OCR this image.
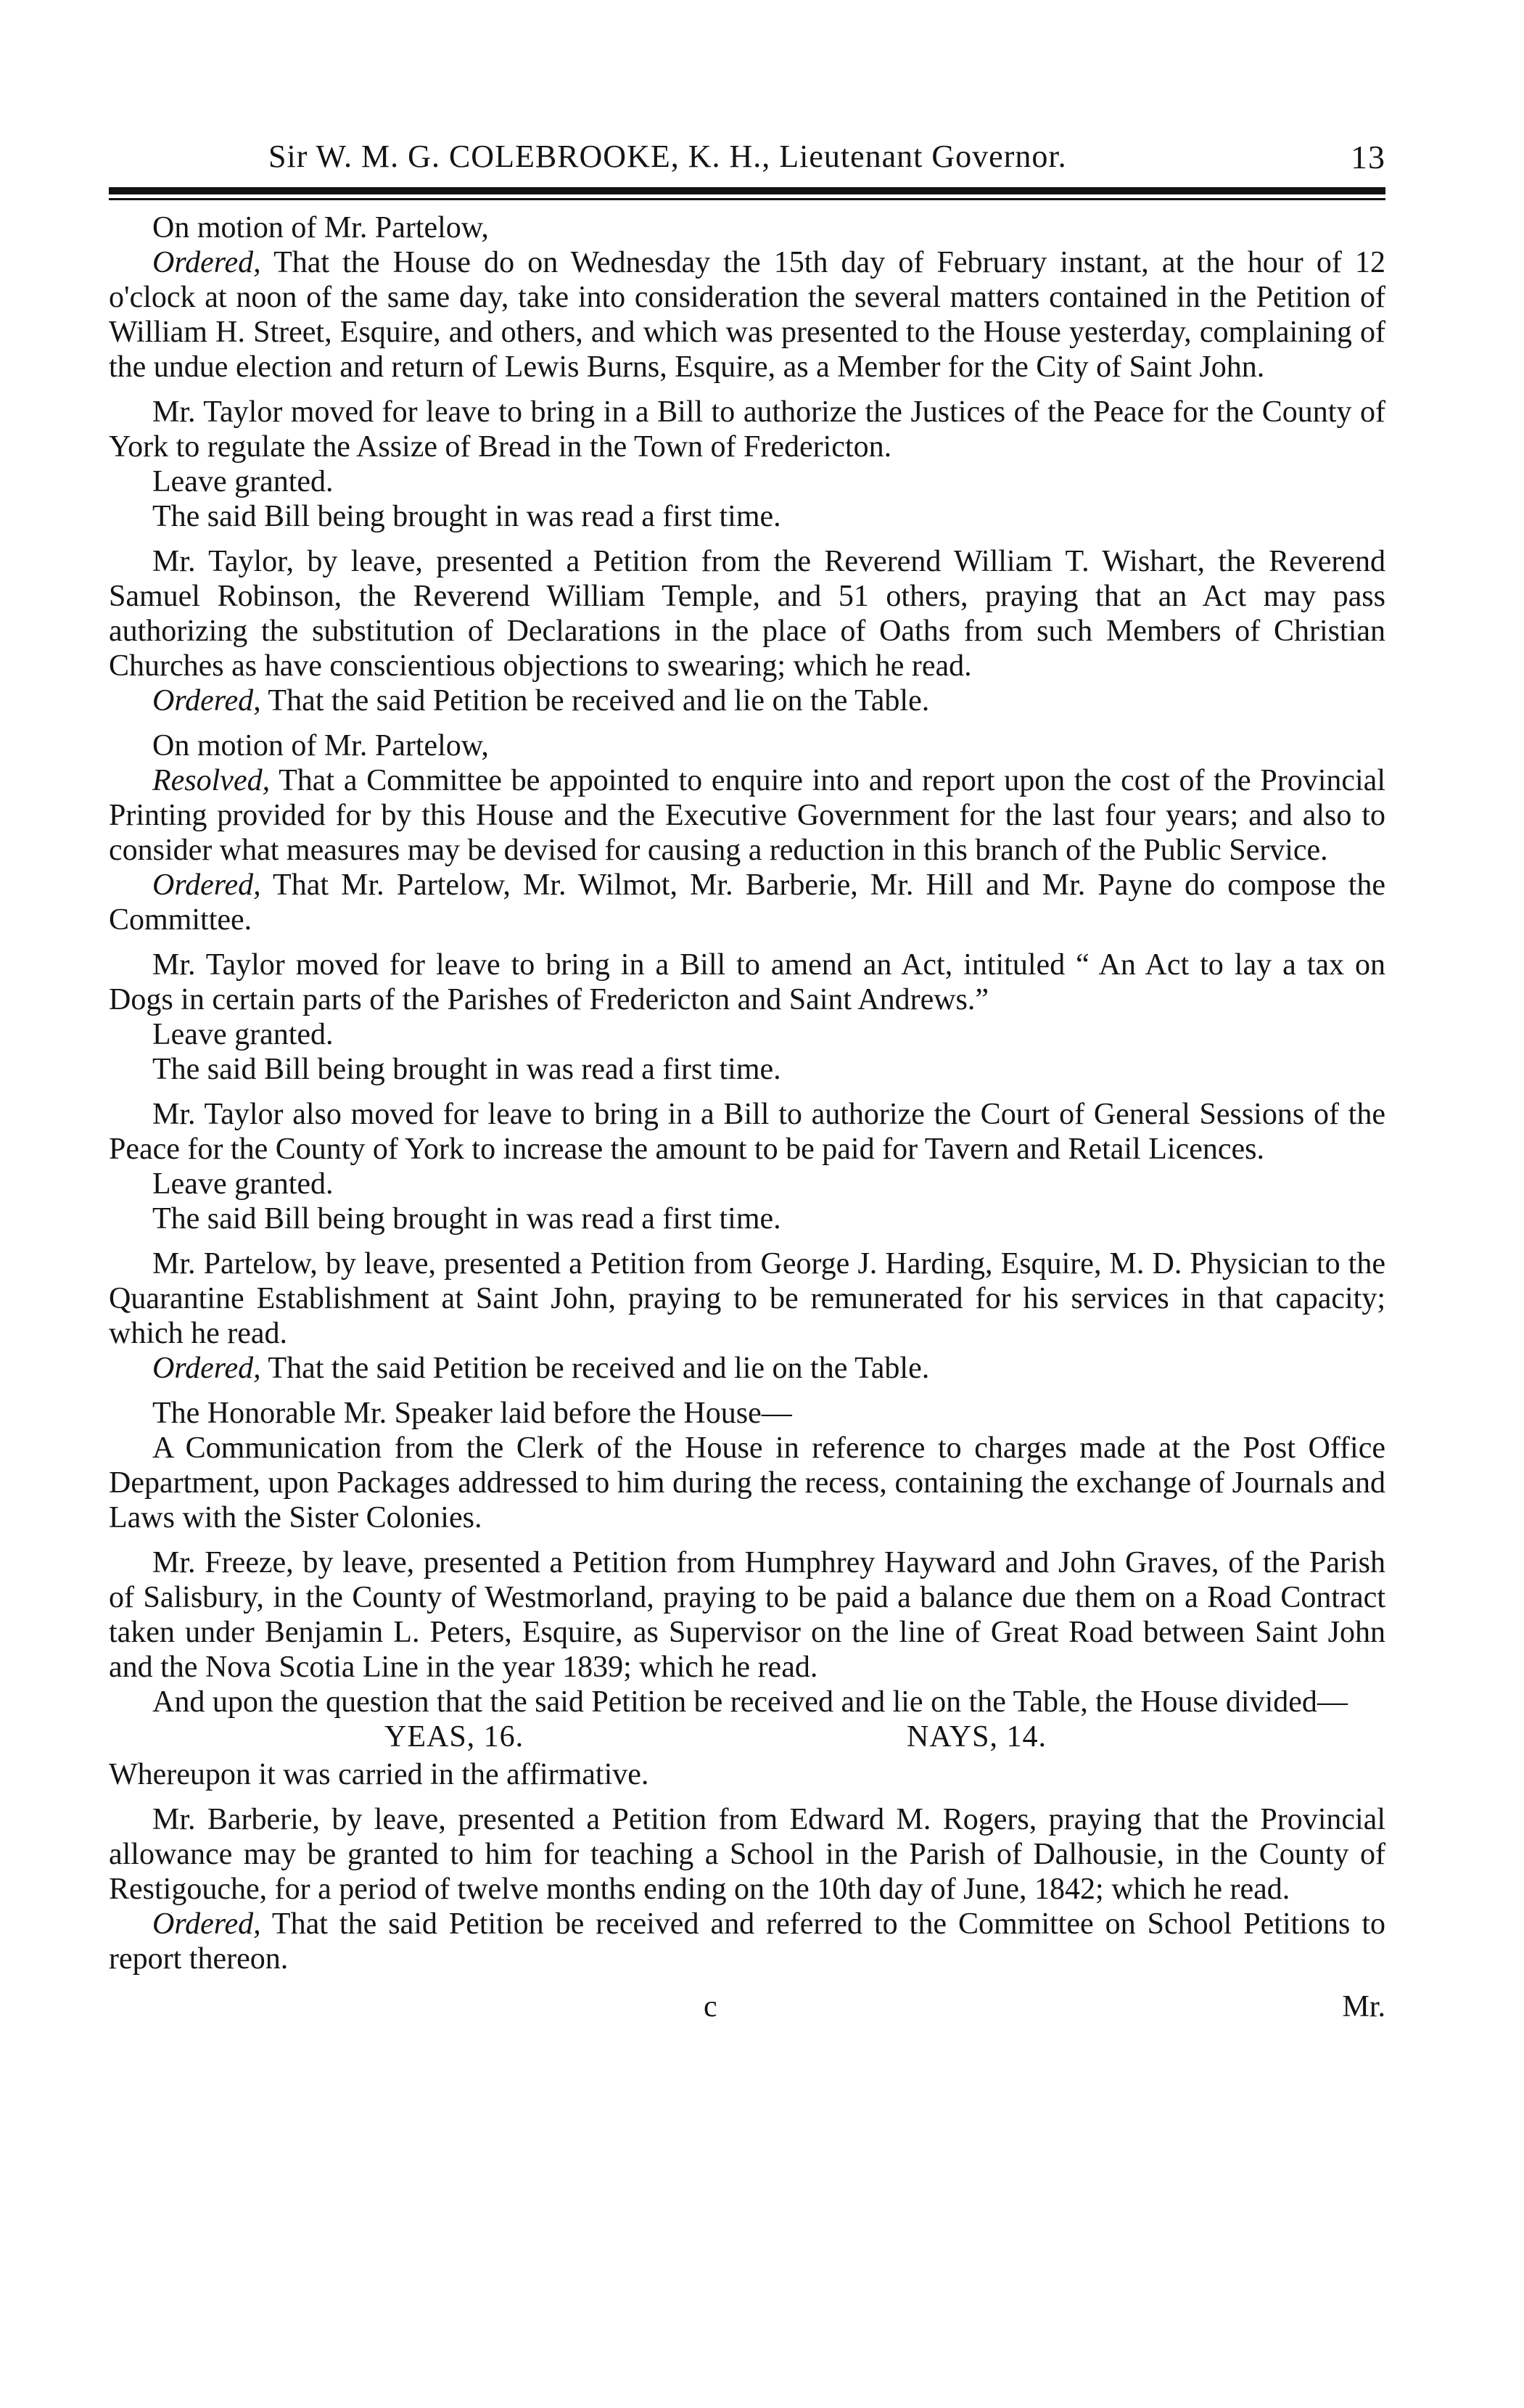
Sir W. M. G. COLEBROOKE, K. H., Lieutenant Governor.	13

On motion of Mr. Partelow,

Ordered, That the House do on Wednesday the 15th day of February instant, at the hour of 12 o'clock at noon of the same day, take into consideration the several matters contained in the Petition of William H. Street, Esquire, and others, and which was presented to the House yesterday, complaining of the undue election and return of Lewis Burns, Esquire, as a Member for the City of Saint John.

Mr. Taylor moved for leave to bring in a Bill to authorize the Justices of the Peace for the County of York to regulate the Assize of Bread in the Town of Fredericton.

Leave granted.

The said Bill being brought in was read a first time.

Mr. Taylor, by leave, presented a Petition from the Reverend William T. Wishart, the Reverend Samuel Robinson, the Reverend William Temple, and 51 others, praying that an Act may pass authorizing the substitution of Declarations in the place of Oaths from such Members of Christian Churches as have conscientious objections to swearing; which he read.

Ordered, That the said Petition be received and lie on the Table.

On motion of Mr. Partelow,

Resolved, That a Committee be appointed to enquire into and report upon the cost of the Provincial Printing provided for by this House and the Executive Government for the last four years; and also to consider what measures may be devised for causing a reduction in this branch of the Public Service.

Ordered, That Mr. Partelow, Mr. Wilmot, Mr. Barberie, Mr. Hill and Mr. Payne do compose the Committee.

Mr. Taylor moved for leave to bring in a Bill to amend an Act, intituled “ An Act to lay a tax on Dogs in certain parts of the Parishes of Fredericton and Saint Andrews.”

Leave granted.

The said Bill being brought in was read a first time.

Mr. Taylor also moved for leave to bring in a Bill to authorize the Court of General Sessions of the Peace for the County of York to increase the amount to be paid for Tavern and Retail Licences.

Leave granted.

The said Bill being brought in was read a first time.

Mr. Partelow, by leave, presented a Petition from George J. Harding, Esquire, M. D. Physician to the Quarantine Establishment at Saint John, praying to be remunerated for his services in that capacity; which he read.

Ordered, That the said Petition be received and lie on the Table.

The Honorable Mr. Speaker laid before the House—

A Communication from the Clerk of the House in reference to charges made at the Post Office Department, upon Packages addressed to him during the recess, containing the exchange of Journals and Laws with the Sister Colonies.

Mr. Freeze, by leave, presented a Petition from Humphrey Hayward and John Graves, of the Parish of Salisbury, in the County of Westmorland, praying to be paid a balance due them on a Road Contract taken under Benjamin L. Peters, Esquire, as Supervisor on the line of Great Road between Saint John and the Nova Scotia Line in the year 1839; which he read.

And upon the question that the said Petition be received and lie on the Table, the House divided—

YEAS, 16.	NAYS, 14.

Whereupon it was carried in the affirmative.

Mr. Barberie, by leave, presented a Petition from Edward M. Rogers, praying that the Provincial allowance may be granted to him for teaching a School in the Parish of Dalhousie, in the County of Restigouche, for a period of twelve months ending on the 10th day of June, 1842; which he read.

Ordered, That the said Petition be received and referred to the Committee on School Petitions to report thereon.

c	Mr.
